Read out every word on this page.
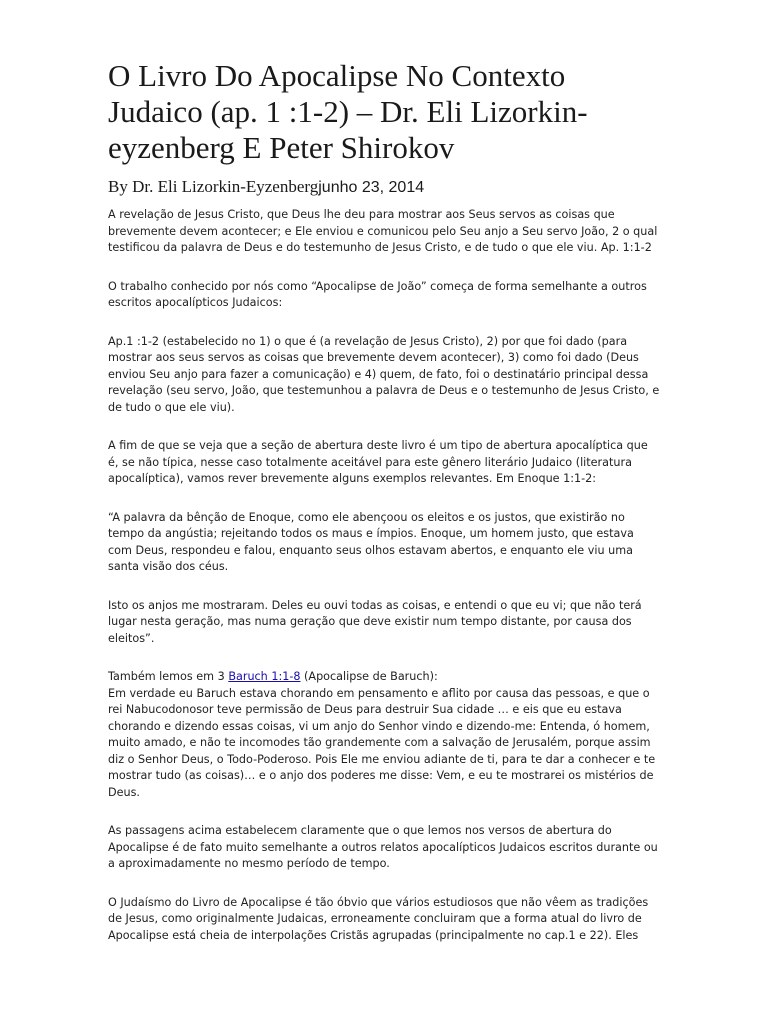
O Livro Do Apocalipse No Contexto Judaico (ap. 1 :1-2) – Dr. Eli Lizorkin-eyzenberg E Peter Shirokov
By Dr. Eli Lizorkin-Eyzenbergjunho 23, 2014

A revelação de Jesus Cristo, que Deus lhe deu para mostrar aos Seus servos as coisas que brevemente devem acontecer; e Ele enviou e comunicou pelo Seu anjo a Seu servo João, 2 o qual testificou da palavra de Deus e do testemunho de Jesus Cristo, e de tudo o que ele viu. Ap. 1:1-2

O trabalho conhecido por nós como “Apocalipse de João” começa de forma semelhante a outros escritos apocalípticos Judaicos:

Ap.1 :1-2 (estabelecido no 1) o que é (a revelação de Jesus Cristo), 2) por que foi dado (para mostrar aos seus servos as coisas que brevemente devem acontecer), 3) como foi dado (Deus enviou Seu anjo para fazer a comunicação) e 4) quem, de fato, foi o destinatário principal dessa revelação (seu servo, João, que testemunhou a palavra de Deus e o testemunho de Jesus Cristo, e de tudo o que ele viu).

A fim de que se veja que a seção de abertura deste livro é um tipo de abertura apocalíptica que é, se não típica, nesse caso totalmente aceitável para este gênero literário Judaico (literatura apocalíptica), vamos rever brevemente alguns exemplos relevantes. Em Enoque 1:1-2:

“A palavra da bênção de Enoque, como ele abençoou os eleitos e os justos, que existirão no tempo da angústia; rejeitando todos os maus e ímpios. Enoque, um homem justo, que estava com Deus, respondeu e falou, enquanto seus olhos estavam abertos, e enquanto ele viu uma santa visão dos céus.

Isto os anjos me mostraram. Deles eu ouvi todas as coisas, e entendi o que eu vi; que não terá lugar nesta geração, mas numa geração que deve existir num tempo distante, por causa dos eleitos”.

Também lemos em 3 Baruch 1:1-8 (Apocalipse de Baruch):

Em verdade eu Baruch estava chorando em pensamento e aflito por causa das pessoas, e que o rei Nabucodonosor teve permissão de Deus para destruir Sua cidade … e eis que eu estava chorando e dizendo essas coisas, vi um anjo do Senhor vindo e dizendo-me: Entenda, ó homem, muito amado, e não te incomodes tão grandemente com a salvação de Jerusalém, porque assim diz o Senhor Deus, o Todo-Poderoso. Pois Ele me enviou adiante de ti, para te dar a conhecer e te mostrar tudo (as coisas)… e o anjo dos poderes me disse: Vem, e eu te mostrarei os mistérios de Deus.

As passagens acima estabelecem claramente que o que lemos nos versos de abertura do Apocalipse é de fato muito semelhante a outros relatos apocalípticos Judaicos escritos durante ou a aproximadamente no mesmo período de tempo.

O Judaísmo do Livro de Apocalipse é tão óbvio que vários estudiosos que não vêem as tradições de Jesus, como originalmente Judaicas, erroneamente concluiram que a forma atual do livro de Apocalipse está cheia de interpolações Cristãs agrupadas (principalmente no cap.1 e 22). Eles
